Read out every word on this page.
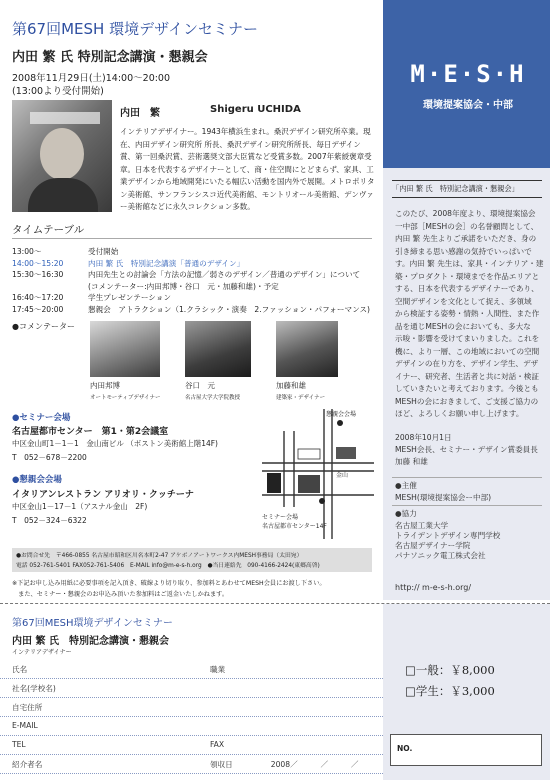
第67回MESH 環境デザインセミナー
内田 繁 氏 特別記念講演・懇親会
2008年11月29日(土)14:00～20:00
(13:00より受付開始)
内田　繁	Shigeru UCHIDA
インテリアデザイナー。1943年横浜生まれ。桑沢デザイン研究所卒業。現在、内田デザイン研究所 所長、桑沢デザイン研究所所長、毎日デザイン賞、第一回桑沢賞、芸術選奨文部大臣賞など受賞多数。2007年紫綬褒章受章。日本を代表するデザイナーとして、商・住空間にとどまらず、家具、工業デザインから地域開発にいたる幅広い活動を国内外で展開。メトロポリタン美術館、サンフランシスコ近代美術館、モントリオール美術館、デンヴァー美術館などに永久コレクション多数。
タイムテーブル
13:00～	受付開始
14:00～15:20	内田 繁 氏　特別記念講演「普通のデザイン」
15:30～16:30	内田先生との討論会「方法の記憶／弱さのデザイン／普通のデザイン」について
(コメンテーター:内田邦博・谷口　元・加藤和雄)・予定
16:40～17:20	学生プレゼンテーション
17:45～20:00	懇親会　アトラクション（1.クラシック・演奏　2.ファッション・パフォーマンス)
●コメンテーター
内田邦博
オートモーティブデザイナー
谷口　元
名古屋大学大学院教授
加藤和雄
建築家・デザイナー
●セミナー会場
名古屋都市センター　第1・第2会議室
中区金山町1－1－1　金山南ビル （ボストン美術館上階14F)
T　052－678－2200
●懇親会会場
イタリアンレストラン アリオリ・クッチーナ
中区金山1－17－1（アスナル金山　2F)
T　052－324－6322
懇親会会場
金山
セミナー会場
名古屋都市センター14F
●お問合せ先　〒466-0855 名古屋市昭和区川名本町2-47 アケボノアートワークス内MESH事務局（太田宛）
電話 052-761-5401 FAX052-761-5406　E-MAIL info@m-e-s-h.org　●当日連絡先　090-4166-2424(東郷高啓)
※下記お申し込み用紙に必要事項を記入頂き、破線より切り取り、参加料とあわせてMESH会員にお渡し下さい。
　また、セミナー・懇親会のお申込み頂いた参加料はご返金いたしかねます。
M·E·S·H
環境提案協会・中部
「内田 繁 氏　特別記念講演・懇親会」
このたび、2008年度より、環境提案協会
一中部［MESHの会］の名誉顧問として、
内田 繁 先生よりご承諾をいただき、身の
引き締まる思い感謝の気持でいっぱいで
す。内田 繁 先生は、家具・インテリア・建
築・プロダクト・環境までを作品エリアと
する、日本を代表するデザイナーであり、
空間デザインを文化として捉え、多領域
から検証する姿勢・情熱・人間性、また作
品を通じMESHの会においても、多大な
示唆・影響を受けてまいりました。これを
機に、より一層、この地域においての空間
デザインの在り方を、デザイン学生、デザ
イナー、研究者、生活者と共に対話・検証
していきたいと考えております。今後とも
MESHの会におきまして、ご支援ご協力の
ほど、よろしくお願い申し上げます。
2008年10月1日
MESH会長、セミナー・デザイン賞委員長
加藤 和雄
●主催
MESH(環境提案協会ー中部)
●協力
名古屋工業大学
トライデントデザイン専門学校
名古屋デザイナー学院
パナソニック電工株式会社
http:// m-e-s-h.org/
第67回MESH環境デザインセミナー
内田 繁 氏　特別記念講演・懇親会
インテリアデザイナー
氏名	職業
社名(学校名)
自宅住所
E-MAIL
TEL	FAX
紹介者名	領収日　　　　　2008／　　　／　　　／
□一般：￥8,000
□学生：￥3,000
NO.
